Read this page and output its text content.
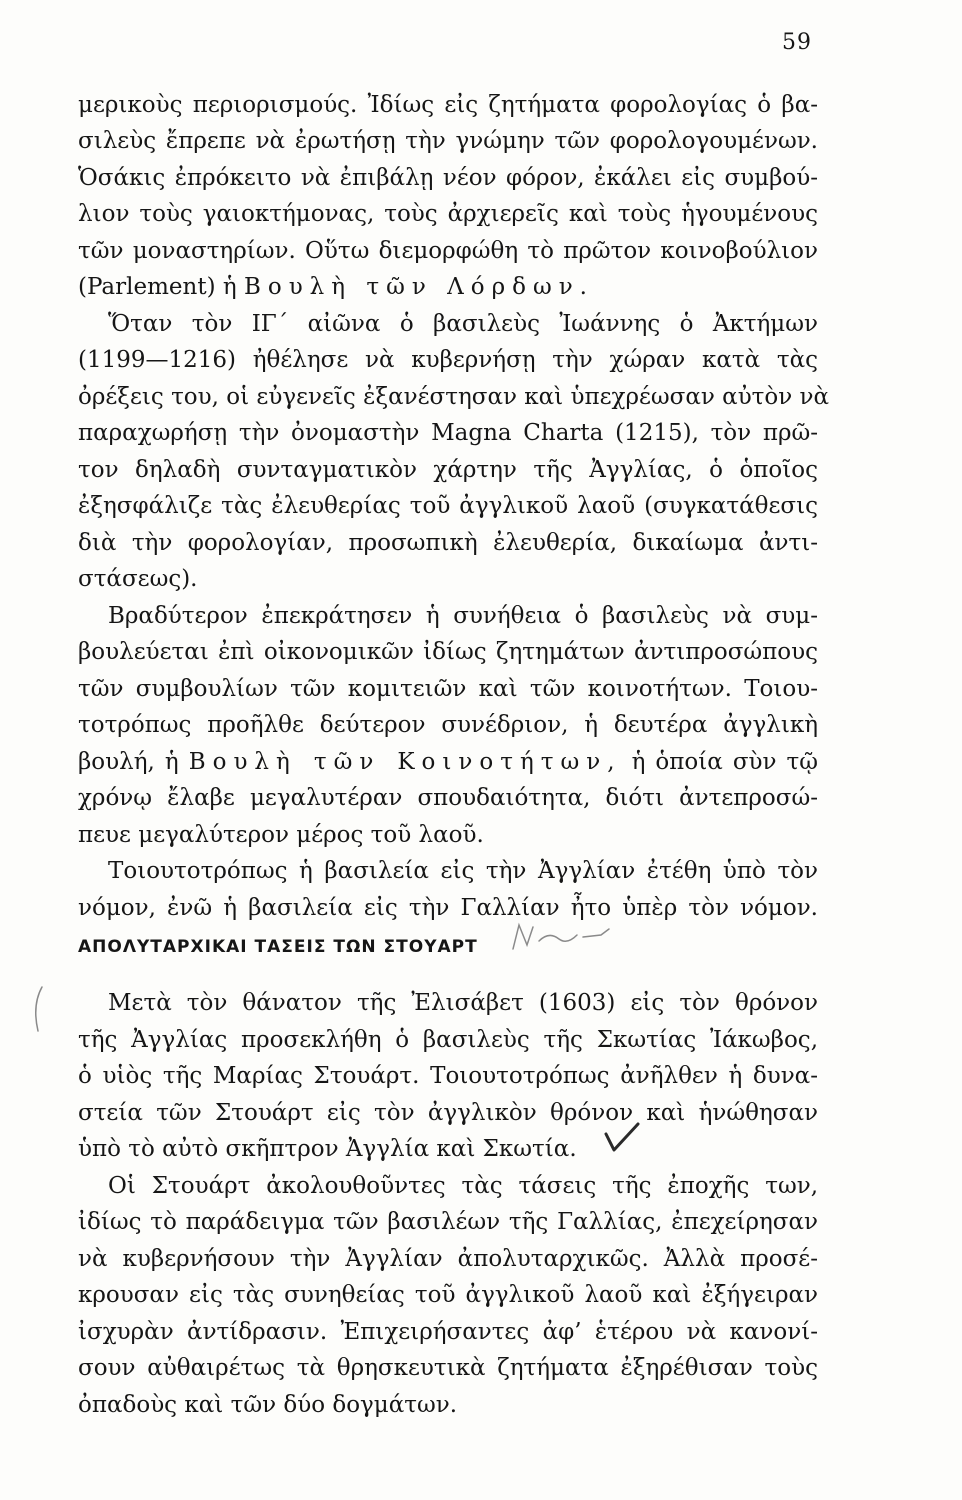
59
μερικοὺς περιορισμούς. Ἰδίως εἰς ζητήματα φορολογίας ὁ βα-
σιλεὺς ἔπρεπε νὰ ἐρωτήσῃ τὴν γνώμην τῶν φορολογουμένων.
Ὁσάκις ἐπρόκειτο νὰ ἐπιβάλῃ νέον φόρον, ἐκάλει εἰς συμβού-
λιον τοὺς γαιοκτήμονας, τοὺς ἀρχιερεῖς καὶ τοὺς ἡγουμένους
τῶν μοναστηρίων. Οὕτω διεμορφώθη τὸ πρῶτον κοινοβούλιον
(Parlement) ἡ Βουλὴ τῶν Λόρδων.
Ὅταν τὸν ΙΓ´ αἰῶνα ὁ βασιλεὺς Ἰωάννης ὁ Ἀκτήμων
(1199—1216) ἠθέλησε νὰ κυβερνήσῃ τὴν χώραν κατὰ τὰς
ὀρέξεις του, οἱ εὐγενεῖς ἐξανέστησαν καὶ ὑπεχρέωσαν αὐτὸν νὰ
παραχωρήσῃ τὴν ὀνομαστὴν Magna Charta (1215), τὸν πρῶ-
τον δηλαδὴ συνταγματικὸν χάρτην τῆς Ἀγγλίας, ὁ ὁποῖος
ἐξησφάλιζε τὰς ἐλευθερίας τοῦ ἀγγλικοῦ λαοῦ (συγκατάθεσις
διὰ τὴν φορολογίαν, προσωπικὴ ἐλευθερία, δικαίωμα ἀντι-
στάσεως).
Βραδύτερον ἐπεκράτησεν ἡ συνήθεια ὁ βασιλεὺς νὰ συμ-
βουλεύεται ἐπὶ οἰκονομικῶν ἰδίως ζητημάτων ἀντιπροσώπους
τῶν συμβουλίων τῶν κομιτειῶν καὶ τῶν κοινοτήτων. Τοιου-
τοτρόπως προῆλθε δεύτερον συνέδριον, ἡ δευτέρα ἀγγλικὴ
βουλή, ἡ Βουλὴ τῶν Κοινοτήτων, ἡ ὁποία σὺν τῷ
χρόνῳ ἔλαβε μεγαλυτέραν σπουδαιότητα, διότι ἀντεπροσώ-
πευε μεγαλύτερον μέρος τοῦ λαοῦ.
Τοιουτοτρόπως ἡ βασιλεία εἰς τὴν Ἀγγλίαν ἐτέθη ὑπὸ τὸν
νόμον, ἐνῶ ἡ βασιλεία εἰς τὴν Γαλλίαν ἦτο ὑπὲρ τὸν νόμον.
ΑΠΟΛΥΤΑΡΧΙΚΑΙ ΤΑΣΕΙΣ ΤΩΝ ΣΤΟΥΑΡΤ
Μετὰ τὸν θάνατον τῆς Ἐλισάβετ (1603) εἰς τὸν θρόνον
τῆς Ἀγγλίας προσεκλήθη ὁ βασιλεὺς τῆς Σκωτίας Ἰάκωβος,
ὁ υἱὸς τῆς Μαρίας Στουάρτ. Τοιουτοτρόπως ἀνῆλθεν ἡ δυνα-
στεία τῶν Στουάρτ εἰς τὸν ἀγγλικὸν θρόνον καὶ ἡνώθησαν
ὑπὸ τὸ αὐτὸ σκῆπτρον Ἀγγλία καὶ Σκωτία.
Οἱ Στουάρτ ἀκολουθοῦντες τὰς τάσεις τῆς ἐποχῆς των,
ἰδίως τὸ παράδειγμα τῶν βασιλέων τῆς Γαλλίας, ἐπεχείρησαν
νὰ κυβερνήσουν τὴν Ἀγγλίαν ἀπολυταρχικῶς. Ἀλλὰ προσέ-
κρουσαν εἰς τὰς συνηθείας τοῦ ἀγγλικοῦ λαοῦ καὶ ἐξήγειραν
ἰσχυρὰν ἀντίδρασιν. Ἐπιχειρήσαντες ἀφ’ ἑτέρου νὰ κανονί-
σουν αὐθαιρέτως τὰ θρησκευτικὰ ζητήματα ἐξηρέθισαν τοὺς
ὀπαδοὺς καὶ τῶν δύο δογμάτων.
